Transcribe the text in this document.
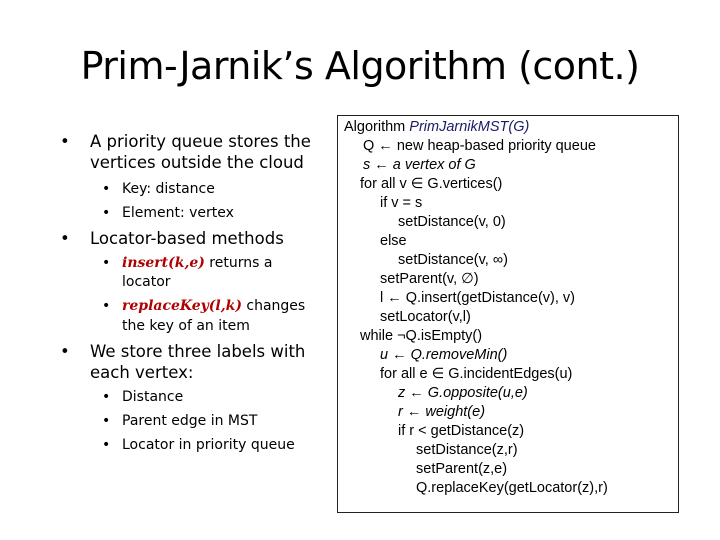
Prim-Jarnik’s Algorithm (cont.)
• A priority queue stores the
vertices outside the cloud
• Key: distance
• Element: vertex
• Locator-based methods
• insert(k,e) returns a
locator
• replaceKey(l,k) changes
the key of an item
• We store three labels with
each vertex:
• Distance
• Parent edge in MST
• Locator in priority queue
Algorithm PrimJarnikMST(G)
Q ← new heap-based priority queue
s ← a vertex of G
for all v ∈ G.vertices()
if v = s
setDistance(v, 0)
else
setDistance(v, ∞)
setParent(v, ∅)
l ← Q.insert(getDistance(v), v)
setLocator(v,l)
while ¬Q.isEmpty()
u ← Q.removeMin()
for all e ∈ G.incidentEdges(u)
z ← G.opposite(u,e)
r ← weight(e)
if r < getDistance(z)
setDistance(z,r)
setParent(z,e)
Q.replaceKey(getLocator(z),r)
